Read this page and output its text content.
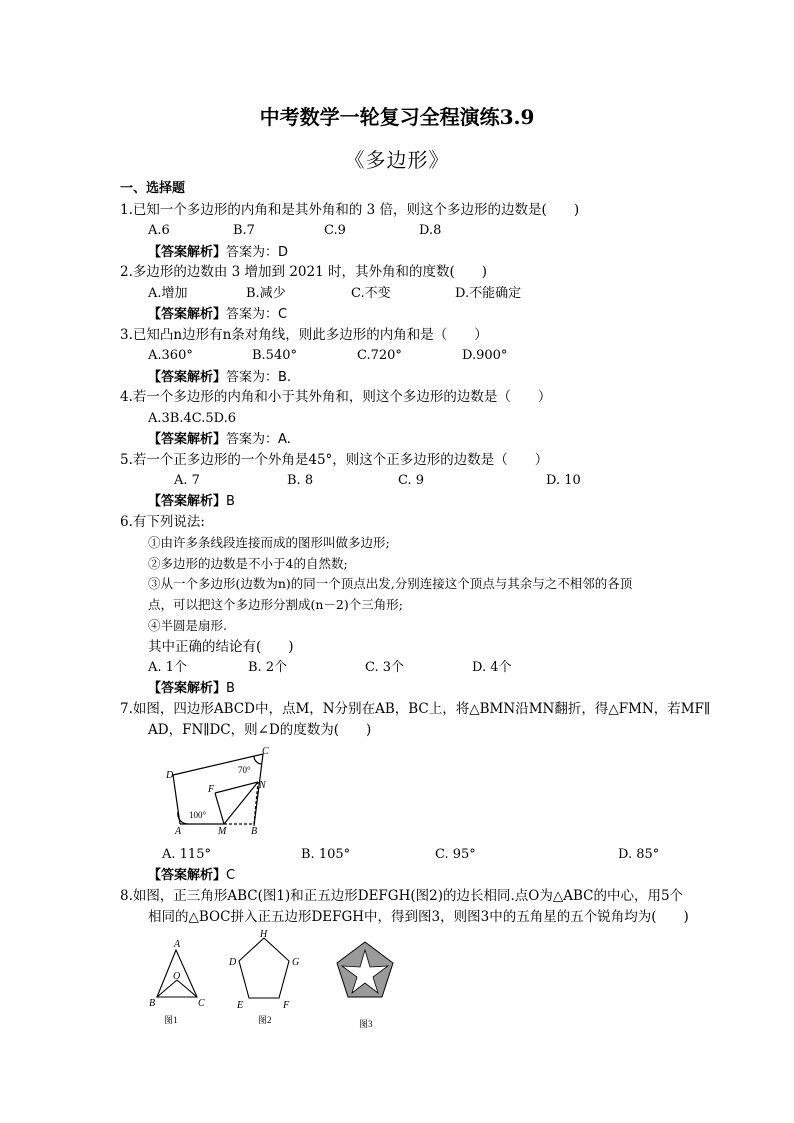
中考数学一轮复习全程演练3.9
《多边形》
一、选择题
1.已知一个多边形的内角和是其外角和的 3 倍，则这个多边形的边数是(　　)
A.6	B.7	C.9	D.8
【答案解析】答案为：D
2.多边形的边数由 3 增加到 2021 时，其外角和的度数(　　)
A.增加	B.减少	C.不变	D.不能确定
【答案解析】答案为：C
3.已知凸n边形有n条对角线，则此多边形的内角和是（　　）
A.360°	B.540°	C.720°	D.900°
【答案解析】答案为：B.
4.若一个多边形的内角和小于其外角和，则这个多边形的边数是（　　）
A.3B.4C.5D.6
【答案解析】答案为：A.
5.若一个正多边形的一个外角是45°，则这个正多边形的边数是（　　）
A. 7	B. 8	C. 9	D. 10
【答案解析】B
6.有下列说法:
①由许多条线段连接而成的图形叫做多边形;
②多边形的边数是不小于4的自然数;
③从一个多边形(边数为n)的同一个顶点出发,分别连接这个顶点与其余与之不相邻的各顶
点，可以把这个多边形分割成(n－2)个三角形;
④半圆是扇形.
其中正确的结论有(　　)
A. 1个	B. 2个	C. 3个	D. 4个
【答案解析】B
7.如图，四边形ABCD中，点M，N分别在AB，BC上，将△BMN沿MN翻折，得△FMN，若MF∥
AD，FN∥DC，则∠D的度数为(　　)
C
D	70°
F	N
100°
A	M B
A. 115°	B. 105°	C. 95°	D. 85°
【答案解析】C
8.如图，正三角形ABC(图1)和正五边形DEFGH(图2)的边长相同.点O为△ABC的中心，用5个
相同的△BOC拼入正五边形DEFGH中，得到图3，则图3中的五角星的五个锐角均为(　　)
A
O
B	C
图1
H
D	G
E	F
图2	图3
